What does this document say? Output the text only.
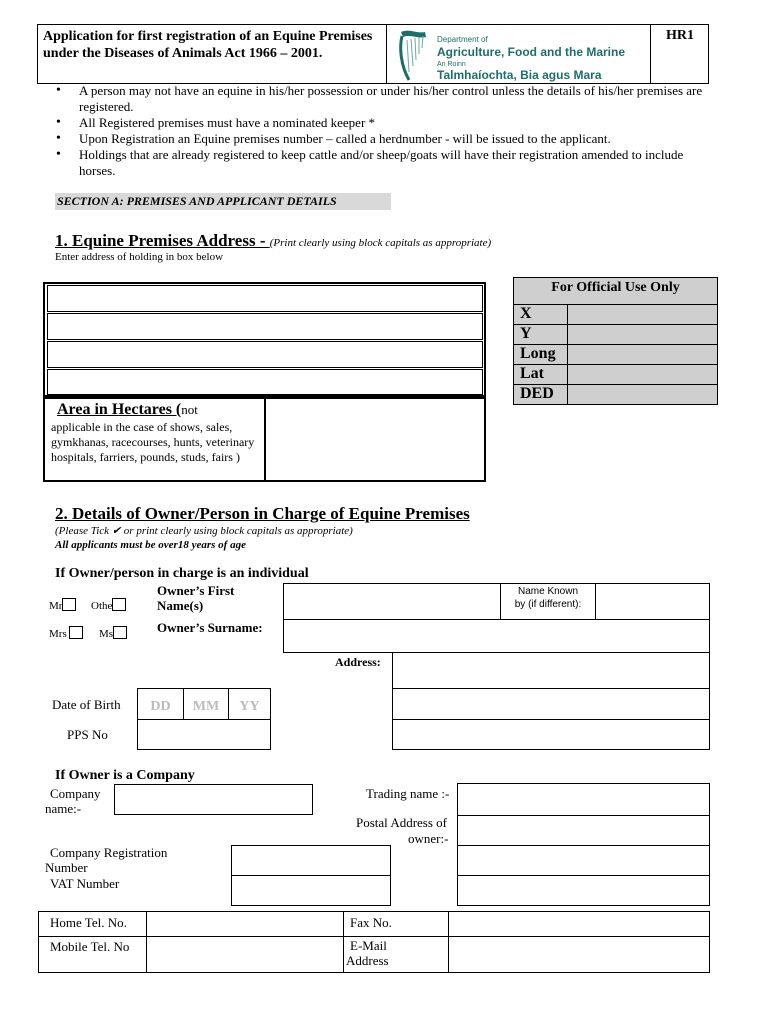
Application for first registration of an Equine Premises under the Diseases of Animals Act 1966 – 2001.
Department of
Agriculture, Food and the Marine
An Roinn
Talmhaíochta, Bia agus Mara
HR1
• A person may not have an equine in his/her possession or under his/her control unless the details of his/her premises are registered.
• All Registered premises must have a nominated keeper *
• Upon Registration an Equine premises number – called a herdnumber - will be issued to the applicant.
• Holdings that are already registered to keep cattle and/or sheep/goats will have their registration amended to include horses.
SECTION A: PREMISES AND APPLICANT DETAILS
1. Equine Premises Address - (Print clearly using block capitals as appropriate)
Enter address of holding in box below
Area in Hectares (not
applicable in the case of shows, sales, gymkhanas, racecourses, hunts, veterinary hospitals, farriers, pounds, studs, fairs )
For Official Use Only
X
Y
Long
Lat
DED
2. Details of Owner/Person in Charge of Equine Premises
(Please Tick ✔ or print clearly using block capitals as appropriate)
All applicants must be over18 years of age
If Owner/person in charge is an individual
Mr	Othe
Mrs	Ms
Owner’s First Name(s)
Owner’s Surname:
Name Known
by (if different):
Address:
Date of Birth	DD	MM	YY
PPS No
If Owner is a Company
Company
name:-
Trading name :-
Postal Address of
owner:-
Company Registration
Number
VAT Number
Home Tel. No.	Fax No.
Mobile Tel. No	E-Mail
Address
